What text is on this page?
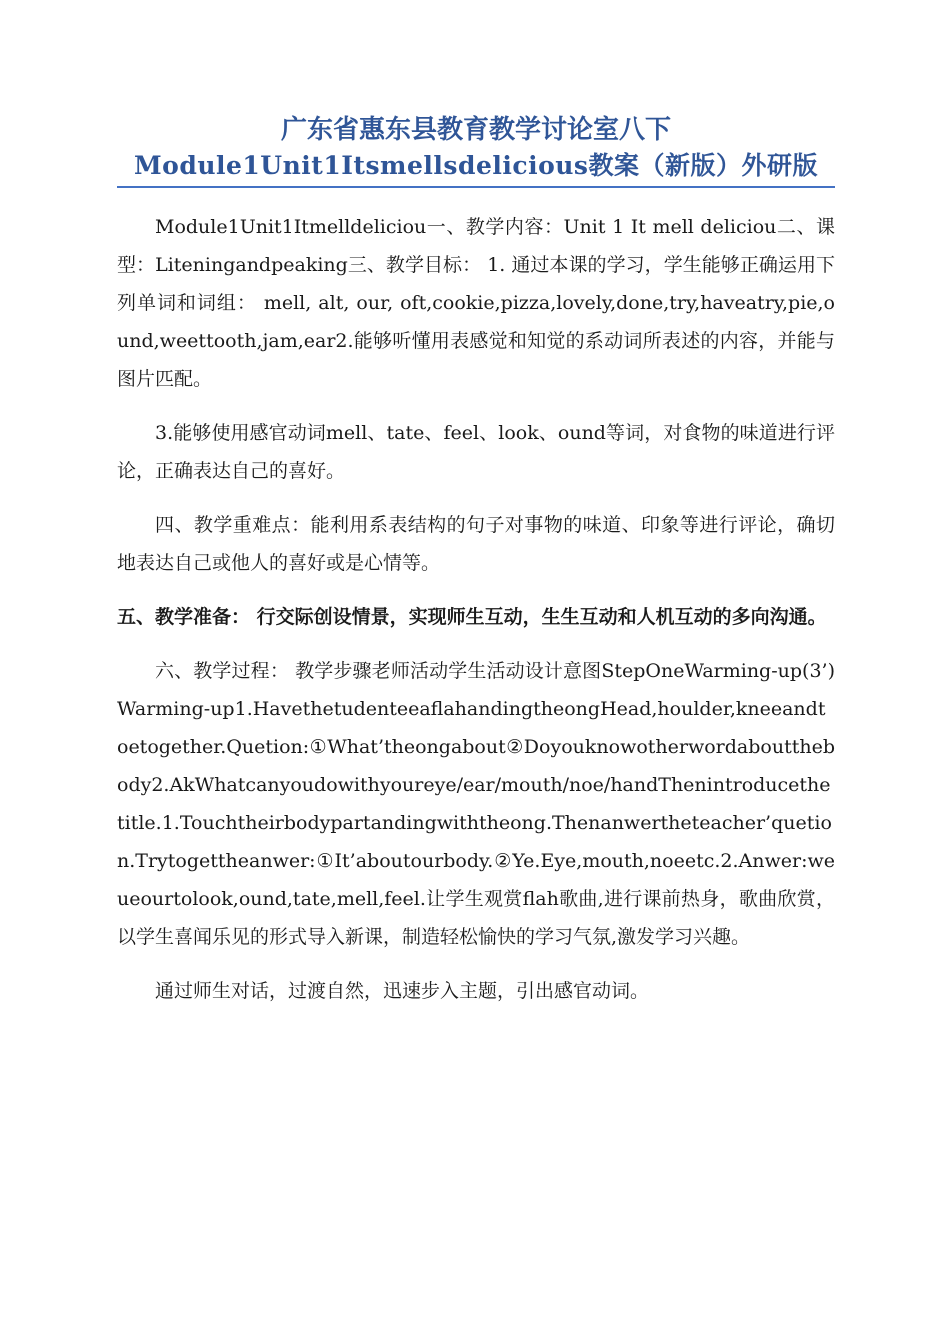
广东省惠东县教育教学讨论室八下
Module1Unit1Itsmellsdelicious教案（新版）外研版

Module1Unit1Itmelldeliciou一、教学内容：Unit 1 It mell deliciou二、课型：Liteningandpeaking三、教学目标： 1. 通过本课的学习，学生能够正确运用下列单词和词组： mell, alt, our, oft,cookie,pizza,lovely,done,try,haveatry,pie,ound,weettooth,jam,ear2.能够听懂用表感觉和知觉的系动词所表述的内容，并能与图片匹配。

3.能够使用感官动词mell、tate、feel、look、ound等词，对食物的味道进行评论，正确表达自己的喜好。

四、教学重难点：能利用系表结构的句子对事物的味道、印象等进行评论，确切地表达自己或他人的喜好或是心情等。

五、教学准备： 行交际创设情景，实现师生互动，生生互动和人机互动的多向沟通。

六、教学过程： 教学步骤老师活动学生活动设计意图StepOneWarming-up(3’)Warming-up1.HavethetudenteeaflahandingtheongHead,houlder,kneeandtoetogether.Quetion:①What’theongabout②Doyouknowotherwordaboutthebody2.AkWhatcanyoudowithyoureye/ear/mouth/noe/handThenintroducethetitle.1.Touchtheirbodypartandingwiththeong.Thenanwertheteacher’quetion.Trytogettheanwer:①It’aboutourbody.②Ye.Eye,mouth,noeetc.2.Anwer:weueourtolook,ound,tate,mell,feel.让学生观赏flah歌曲,进行课前热身，歌曲欣赏，以学生喜闻乐见的形式导入新课，制造轻松愉快的学习气氛,激发学习兴趣。

通过师生对话，过渡自然，迅速步入主题，引出感官动词。
